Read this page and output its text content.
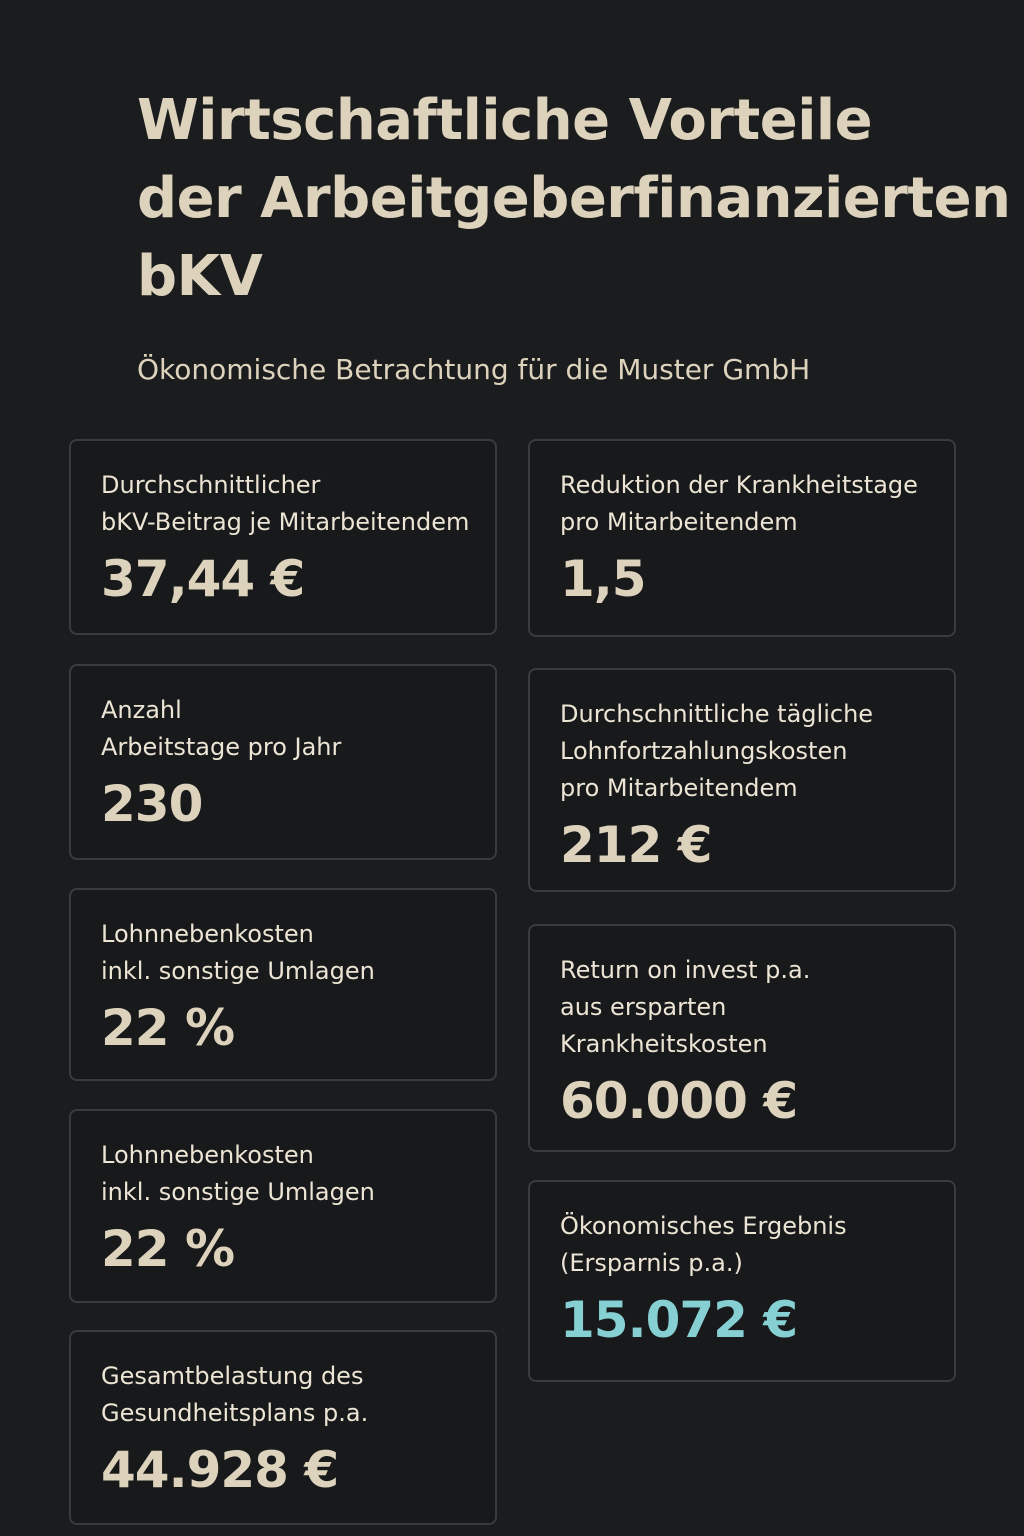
Wirtschaftliche Vorteile
der Arbeitgeberfinanzierten
bKV

Ökonomische Betrachtung für die Muster GmbH

Durchschnittlicher
bKV-Beitrag je Mitarbeitendem
37,44 €
Anzahl
Arbeitstage pro Jahr
230
Lohnnebenkosten
inkl. sonstige Umlagen
22 %
Lohnnebenkosten
inkl. sonstige Umlagen
22 %
Gesamtbelastung des
Gesundheitsplans p.a.
44.928 €
Reduktion der Krankheitstage
pro Mitarbeitendem
1,5
Durchschnittliche tägliche
Lohnfortzahlungskosten
pro Mitarbeitendem
212 €
Return on invest p.a.
aus ersparten
Krankheitskosten
60.000 €
Ökonomisches Ergebnis
(Ersparnis p.a.)
15.072 €
